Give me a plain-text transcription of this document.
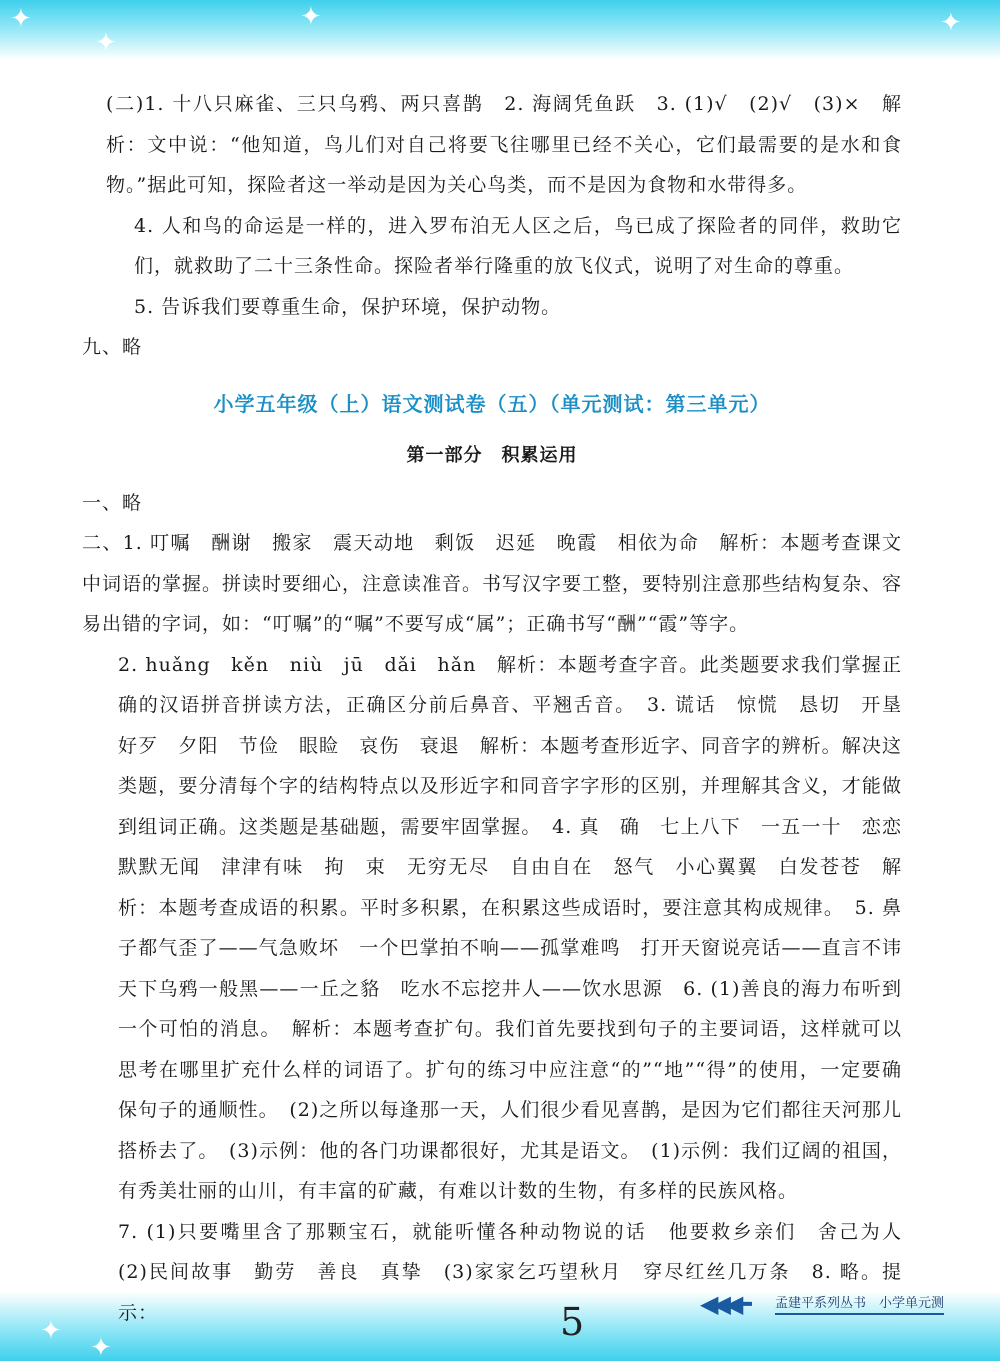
✦
✦
✦	✦
✦
✦
(二)1. 十八只麻雀、三只乌鸦、两只喜鹊　2. 海阔凭鱼跃　3. (1)√　(2)√　(3)×　解析：文中说：“他知道，鸟儿们对自己将要飞往哪里已经不关心，它们最需要的是水和食物。”据此可知，探险者这一举动是因为关心鸟类，而不是因为食物和水带得多。
4. 人和鸟的命运是一样的，进入罗布泊无人区之后，鸟已成了探险者的同伴，救助它们，就救助了二十三条性命。探险者举行隆重的放飞仪式，说明了对生命的尊重。
5. 告诉我们要尊重生命，保护环境，保护动物。
九、略
小学五年级（上）语文测试卷（五）（单元测试：第三单元）
第一部分　积累运用
一、略
二、1. 叮嘱　酬谢　搬家　震天动地　剩饭　迟延　晚霞　相依为命　解析：本题考查课文中词语的掌握。拼读时要细心，注意读准音。书写汉字要工整，要特别注意那些结构复杂、容易出错的字词，如：“叮嘱”的“嘱”不要写成“属”；正确书写“酬”“霞”等字。
2. huǎng　kěn　niù　jū　dǎi　hǎn　解析：本题考查字音。此类题要求我们掌握正确的汉语拼音拼读方法，正确区分前后鼻音、平翘舌音。　3. 谎话　惊慌　恳切　开垦　好歹　夕阳　节俭　眼睑　哀伤　衰退　解析：本题考查形近字、同音字的辨析。解决这类题，要分清每个字的结构特点以及形近字和同音字字形的区别，并理解其含义，才能做到组词正确。这类题是基础题，需要牢固掌握。　4. 真　确　七上八下　一五一十　恋恋　默默无闻　津津有味　拘　束　无穷无尽　自由自在　怒气　小心翼翼　白发苍苍　解析：本题考查成语的积累。平时多积累，在积累这些成语时，要注意其构成规律。　5. 鼻子都气歪了——气急败坏　一个巴掌拍不响——孤掌难鸣　打开天窗说亮话——直言不讳　天下乌鸦一般黑——一丘之貉　吃水不忘挖井人——饮水思源　6. (1)善良的海力布听到一个可怕的消息。　解析：本题考查扩句。我们首先要找到句子的主要词语，这样就可以思考在哪里扩充什么样的词语了。扩句的练习中应注意“的”“地”“得”的使用，一定要确保句子的通顺性。　(2)之所以每逢那一天，人们很少看见喜鹊，是因为它们都往天河那儿搭桥去了。　(3)示例：他的各门功课都很好，尤其是语文。　(1)示例：我们辽阔的祖国，有秀美壮丽的山川，有丰富的矿藏，有难以计数的生物，有多样的民族风格。
7. (1)只要嘴里含了那颗宝石，就能听懂各种动物说的话　他要救乡亲们　舍己为人　(2)民间故事　勤劳　善良　真挚　(3)家家乞巧望秋月　穿尽红丝几万条　8. 略。提示：	5	◀◀◀━ 孟建平系列丛书　小学单元测
